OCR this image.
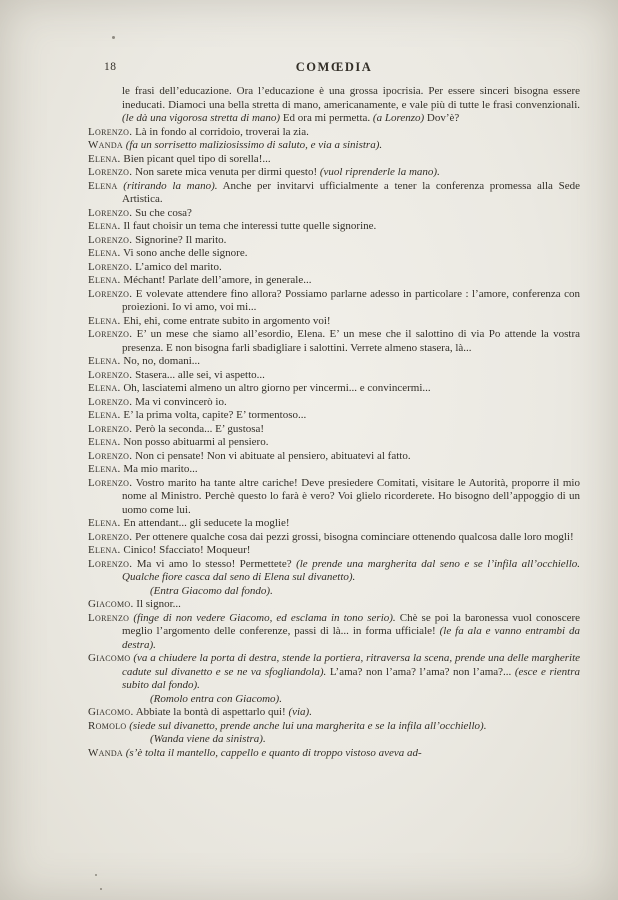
18	COMŒDIA

le frasi dell’educazione. Ora l’educazione è una grossa ipocrisia. Per essere sinceri bisogna essere ineducati. Diamoci una bella stretta di mano, americanamente, e vale più di tutte le frasi convenzionali. (le dà una vigorosa stretta di mano) Ed ora mi permetta. (a Lorenzo) Dov’è?

Lorenzo. Là in fondo al corridoio, troverai la zia.

Wanda (fa un sorrisetto maliziosissimo di saluto, e via a sinistra).

Elena. Bien picant quel tipo di sorella!...

Lorenzo. Non sarete mica venuta per dirmi questo! (vuol riprenderle la mano).

Elena (ritirando la mano). Anche per invitarvi ufficialmente a tener la conferenza promessa alla Sede Artistica.

Lorenzo. Su che cosa?

Elena. Il faut choisir un tema che interessi tutte quelle signorine.

Lorenzo. Signorine? Il marito.

Elena. Vi sono anche delle signore.

Lorenzo. L’amico del marito.

Elena. Méchant! Parlate dell’amore, in generale...

Lorenzo. E volevate attendere fino allora? Possiamo parlarne adesso in particolare : l’amore, conferenza con proiezioni. Io vi amo, voi mi...

Elena. Ehi, ehi, come entrate subito in argomento voi!

Lorenzo. E’ un mese che siamo all’esordio, Elena. E’ un mese che il salottino di via Po attende la vostra presenza. E non bisogna farli sbadigliare i salottini. Verrete almeno stasera, là...

Elena. No, no, domani...

Lorenzo. Stasera... alle sei, vi aspetto...

Elena. Oh, lasciatemi almeno un altro giorno per vincermi... e convincermi...

Lorenzo. Ma vi convincerò io.

Elena. E’ la prima volta, capite? E’ tormentoso...

Lorenzo. Però la seconda... E’ gustosa!

Elena. Non posso abituarmi al pensiero.

Lorenzo. Non ci pensate! Non vi abituate al pensiero, abituatevi al fatto.

Elena. Ma mio marito...

Lorenzo. Vostro marito ha tante altre cariche! Deve presiedere Comitati, visitare le Autorità, proporre il mio nome al Ministro. Perchè questo lo farà è vero? Voi glielo ricorderete. Ho bisogno dell’appoggio di un uomo come lui.

Elena. En attendant... gli seducete la moglie!

Lorenzo. Per ottenere qualche cosa dai pezzi grossi, bisogna cominciare ottenendo qualcosa dalle loro mogli!

Elena. Cinico! Sfacciato! Moqueur!

Lorenzo. Ma vi amo lo stesso! Permettete? (le prende una margherita dal seno e se l’infila all’occhiello. Qualche fiore casca dal seno di Elena sul divanetto).

(Entra Giacomo dal fondo).

Giacomo. Il signor...

Lorenzo (finge di non vedere Giacomo, ed esclama in tono serio). Chè se poi la baronessa vuol conoscere meglio l’argomento delle conferenze, passi di là... in forma ufficiale! (le fa ala e vanno entrambi da destra).

Giacomo (va a chiudere la porta di destra, stende la portiera, ritraversa la scena, prende una delle margherite cadute sul divanetto e se ne va sfogliandola). L’ama? non l’ama? l’ama? non l’ama?... (esce e rientra subito dal fondo).

(Romolo entra con Giacomo).

Giacomo. Abbiate la bontà di aspettarlo qui! (via).

Romolo (siede sul divanetto, prende anche lui una margherita e se la infila all’occhiello).

(Wanda viene da sinistra).

Wanda (s’è tolta il mantello, cappello e quanto di troppo vistoso aveva ad-
